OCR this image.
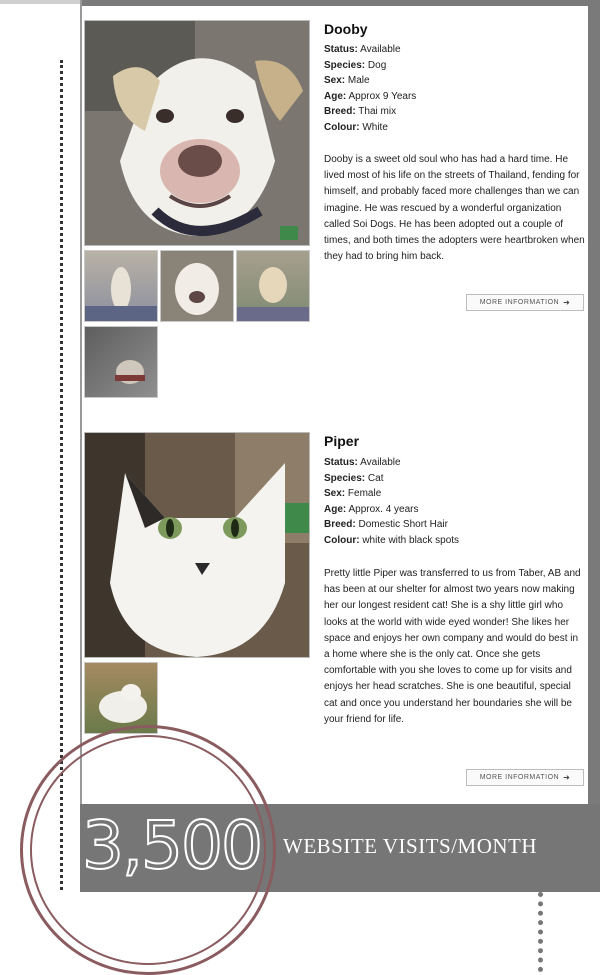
Dooby
Status: Available
Species: Dog
Sex: Male
Age: Approx 9 Years
Breed: Thai mix
Colour: White
Dooby is a sweet old soul who has had a hard time. He lived most of his life on the streets of Thailand, fending for himself, and probably faced more challenges than we can imagine. He was rescued by a wonderful organization called Soi Dogs. He has been adopted out a couple of times, and both times the adopters were heartbroken when they had to bring him back.
MORE INFORMATION ➜
Piper
Status: Available
Species: Cat
Sex: Female
Age: Approx. 4 years
Breed: Domestic Short Hair
Colour: white with black spots
Pretty little Piper was transferred to us from Taber, AB and has been at our shelter for almost two years now making her our longest resident cat! She is a shy little girl who looks at the world with wide eyed wonder! She likes her space and enjoys her own company and would do best in a home where she is the only cat. Once she gets comfortable with you she loves to come up for visits and enjoys her head scratches. She is one beautiful, special cat and once you understand her boundaries she will be your friend for life.
MORE INFORMATION ➜
3,500 WEBSITE VISITS/MONTH
